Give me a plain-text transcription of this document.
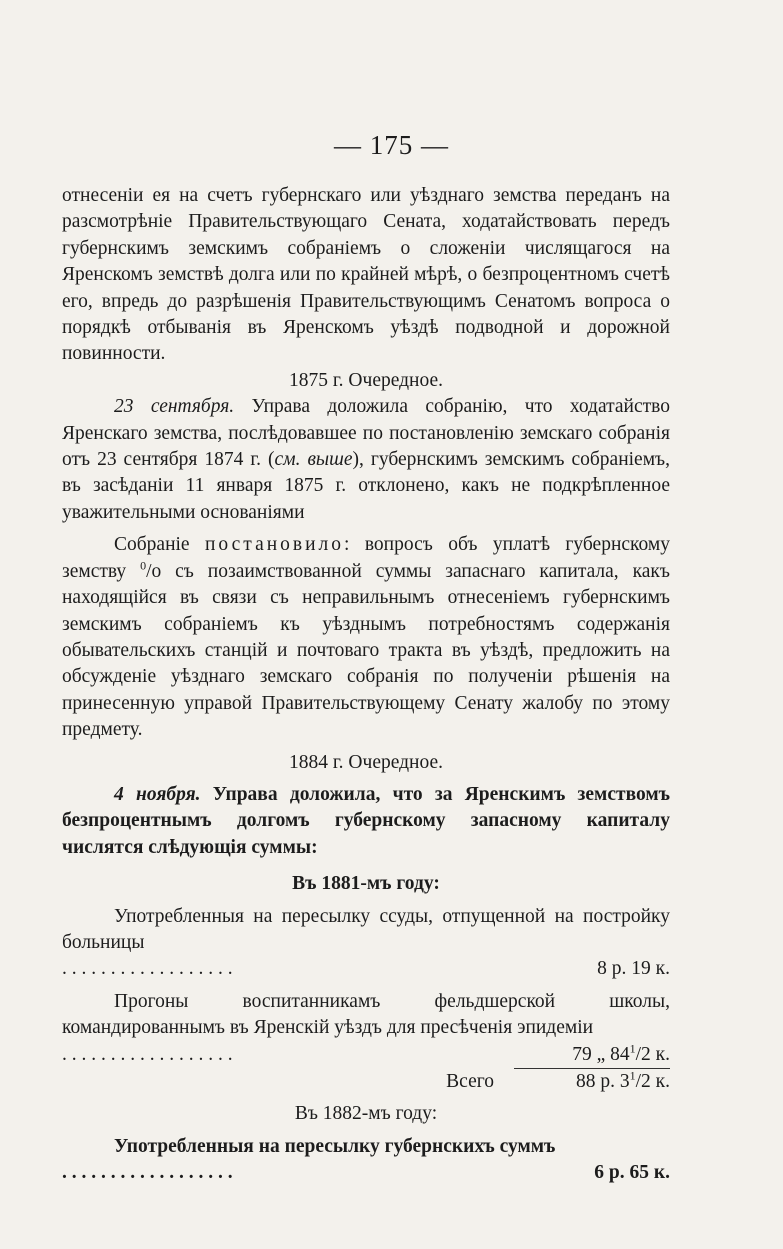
— 175 —

отнесеніи ея на счетъ губернскаго или уѣзднаго земства переданъ на разсмотрѣніе Правительствующаго Сената, ходатайствовать передъ губернскимъ земскимъ собраніемъ о сложеніи числящагося на Яренскомъ земствѣ долга или по крайней мѣрѣ, о безпроцентномъ счетѣ его, впредь до разрѣшенія Правительствующимъ Сенатомъ вопроса о порядкѣ отбыванія въ Яренскомъ уѣздѣ подводной и дорожной повинности.

1875 г. Очередное.

23 сентября. Управа доложила собранію, что ходатайство Яренскаго земства, послѣдовавшее по постановленію земскаго собранія отъ 23 сентября 1874 г. (см. выше), губернскимъ земскимъ собраніемъ, въ засѣданіи 11 января 1875 г. отклонено, какъ не подкрѣпленное уважительными основаніями

Собраніе постановило: вопросъ объ уплатѣ губернскому земству $^0$/о съ позаимствованной суммы запаснаго капитала, какъ находящійся въ связи съ неправильнымъ отнесеніемъ губернскимъ земскимъ собраніемъ къ уѣзднымъ потребностямъ содержанія обывательскихъ станцій и почтоваго тракта въ уѣздѣ, предложить на обсужденіе уѣзднаго земскаго собранія по полученіи рѣшенія на принесенную управой Правительствующему Сенату жалобу по этому предмету.

1884 г. Очередное.

4 ноября. Управа доложила, что за Яренскимъ земствомъ безпроцентнымъ долгомъ губернскому запасному капиталу числятся слѣдующія суммы:

Въ 1881-мъ году:

Употребленныя на пересылку ссуды, отпущенной на постройку больницы

. . . . . . . . . . . . . . . . . .	8 р. 19 к.

Прогоны воспитанникамъ фельдшерской школы, командированнымъ въ Яренскій уѣздъ для пресѣченія эпидеміи

. . . . . . . . . . . . . . . . . .	79 „ $84^1/2$ к.
Всего	88 р. $3^1/2$ к.

Въ 1882-мъ году:

Употребленныя на пересылку губернскихъ суммъ

. . . . . . . . . . . . . . . . . .	6 р. 65 к.
